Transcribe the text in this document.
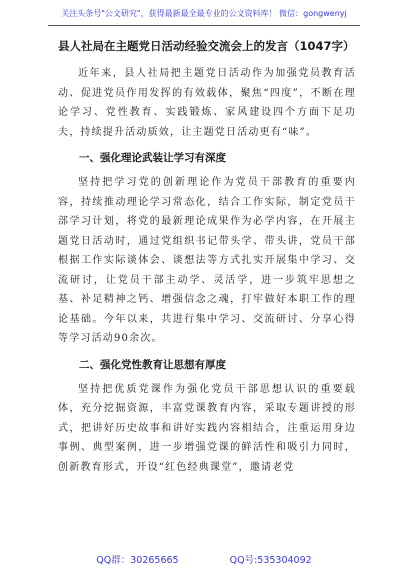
关注头条号"公文研究"，获得最新最全最专业的公文资料库！ 微信：gongwenyj
县人社局在主题党日活动经验交流会上的发言（1047字）

近年来，县人社局把主题党日活动作为加强党员教育活动、促进党员作用发挥的有效载体，聚焦“四度”，不断在理论学习、党性教育、实践锻炼、家风建设四个方面下足功夫，持续提升活动质效，让主题党日活动更有“味”。

一、强化理论武装让学习有深度

坚持把学习党的创新理论作为党员干部教育的重要内容，持续推动理论学习常态化，结合工作实际，制定党员干部学习计划，将党的最新理论成果作为必学内容，在开展主题党日活动时，通过党组织书记带头学、带头讲，党员干部根据工作实际谈体会、谈想法等方式扎实开展集中学习、交流研讨，让党员干部主动学、灵活学，进一步筑牢思想之基、补足精神之钙、增强信念之魂，打牢做好本职工作的理论基础。今年以来，共进行集中学习、交流研讨、分享心得等学习活动90余次。

二、强化党性教育让思想有厚度

坚持把优质党课作为强化党员干部思想认识的重要载体，充分挖掘资源，丰富党课教育内容，采取专题讲授的形式，把讲好历史故事和讲好实践内容相结合，注重运用身边事例、典型案例，进一步增强党课的鲜活性和吸引力同时，创新教育形式，开设“红色经典课堂”，邀请老党

QQ群：30265665	QQ号:535304092
